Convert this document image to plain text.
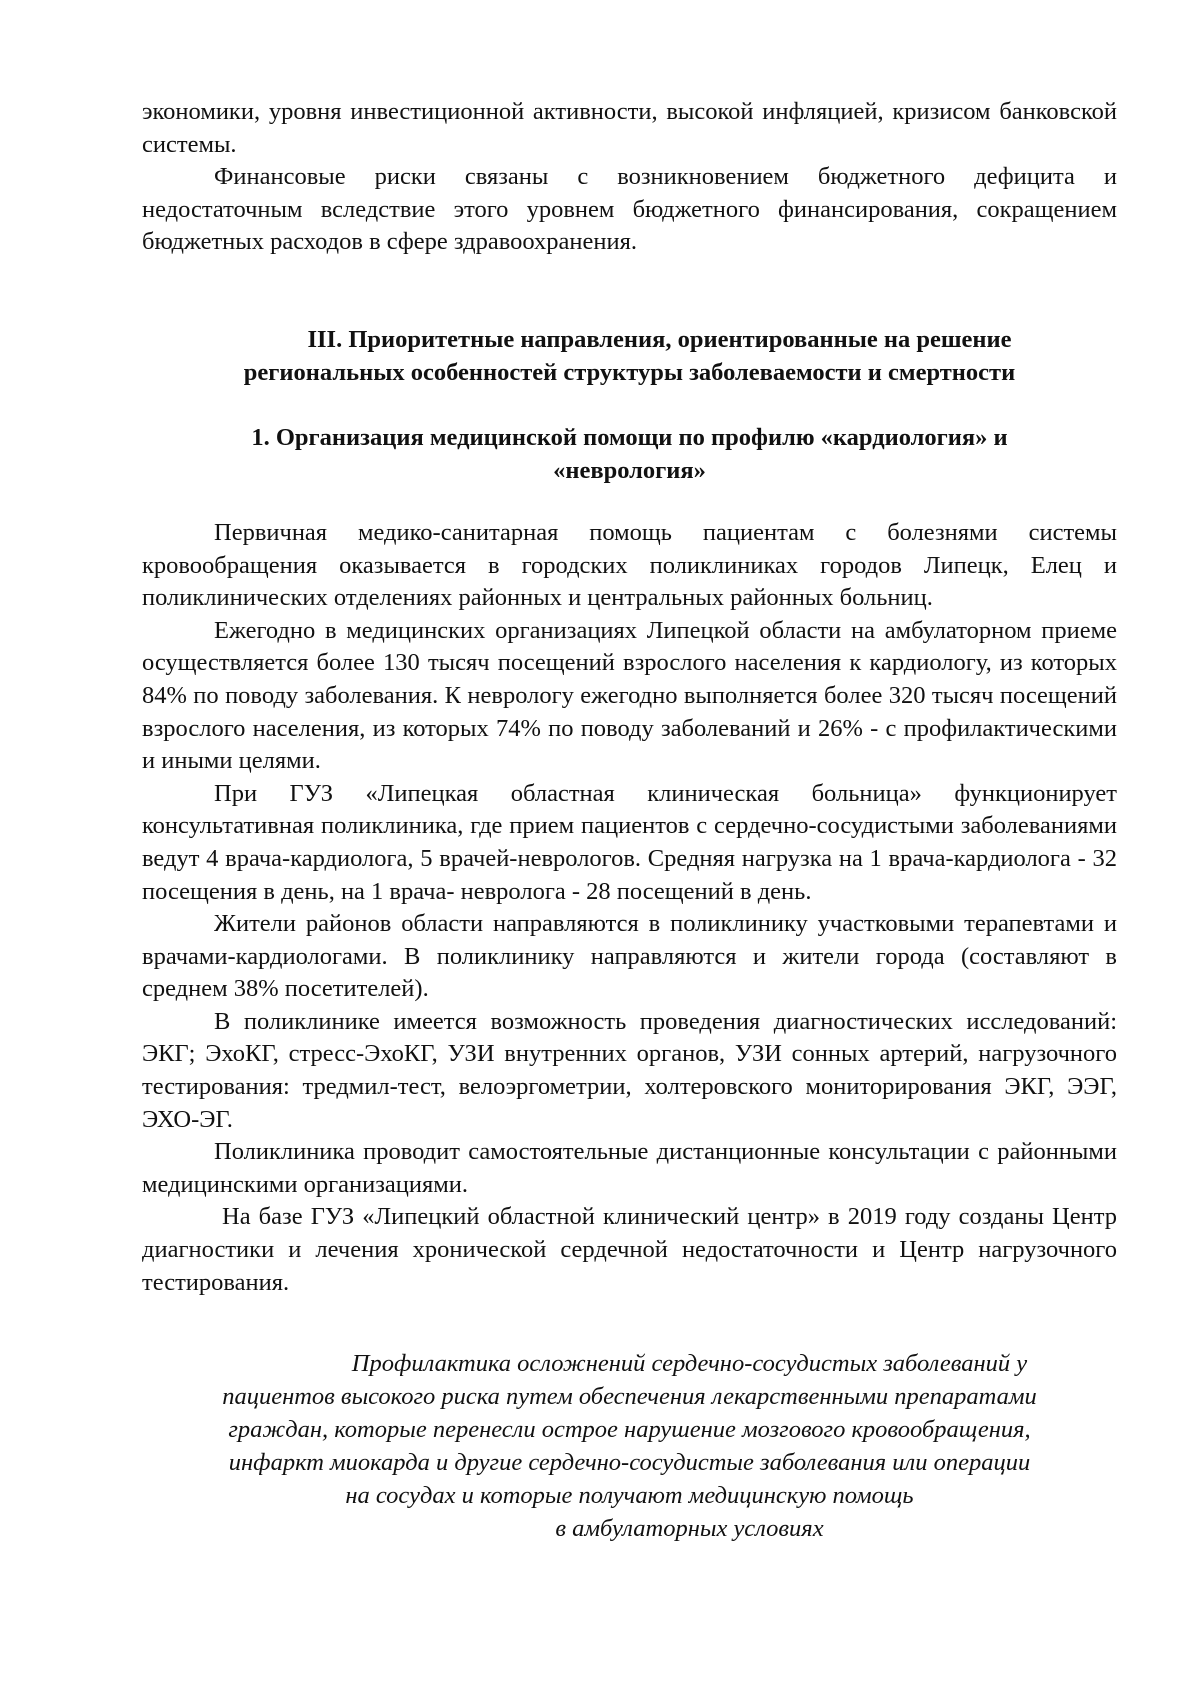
экономики, уровня инвестиционной активности, высокой инфляцией, кризисом банковской системы.

Финансовые риски связаны с возникновением бюджетного дефицита и недостаточным вследствие этого уровнем бюджетного финансирования, сокращением бюджетных расходов в сфере здравоохранения.

III. Приоритетные направления, ориентированные на решение

региональных особенностей структуры заболеваемости и смертности

1. Организация медицинской помощи по профилю «кардиология» и

«неврология»

Первичная медико-санитарная помощь пациентам с болезнями системы кровообращения оказывается в городских поликлиниках городов Липецк, Елец и поликлинических отделениях районных и центральных районных больниц.

Ежегодно в медицинских организациях Липецкой области на амбулаторном приеме осуществляется более 130 тысяч посещений взрослого населения к кардиологу, из которых 84% по поводу заболевания. К неврологу ежегодно выполняется более 320 тысяч посещений взрослого населения, из которых 74% по поводу заболеваний и 26% - с профилактическими и иными целями.

При ГУЗ «Липецкая областная клиническая больница» функционирует консультативная поликлиника, где прием пациентов с сердечно-сосудистыми заболеваниями ведут 4 врача-кардиолога, 5 врачей-неврологов. Средняя нагрузка на 1 врача-кардиолога - 32 посещения в день, на 1 врача- невролога - 28 посещений в день.

Жители районов области направляются в поликлинику участковыми терапевтами и врачами-кардиологами. В поликлинику направляются и жители города (составляют в среднем 38% посетителей).

В поликлинике имеется возможность проведения диагностических исследований: ЭКГ; ЭхоКГ, стресс-ЭхоКГ, УЗИ внутренних органов, УЗИ сонных артерий, нагрузочного тестирования: тредмил-тест, велоэргометрии, холтеровского мониторирования ЭКГ, ЭЭГ, ЭХО-ЭГ.

Поликлиника проводит самостоятельные дистанционные консультации с районными медицинскими организациями.

На базе ГУЗ «Липецкий областной клинический центр» в 2019 году созданы Центр диагностики и лечения хронической сердечной недостаточности и Центр нагрузочного тестирования.

Профилактика осложнений сердечно-сосудистых заболеваний у

пациентов высокого риска путем обеспечения лекарственными препаратами

граждан, которые перенесли острое нарушение мозгового кровообращения,

инфаркт миокарда и другие сердечно-сосудистые заболевания или операции

на сосудах и которые получают медицинскую помощь

в амбулаторных условиях
